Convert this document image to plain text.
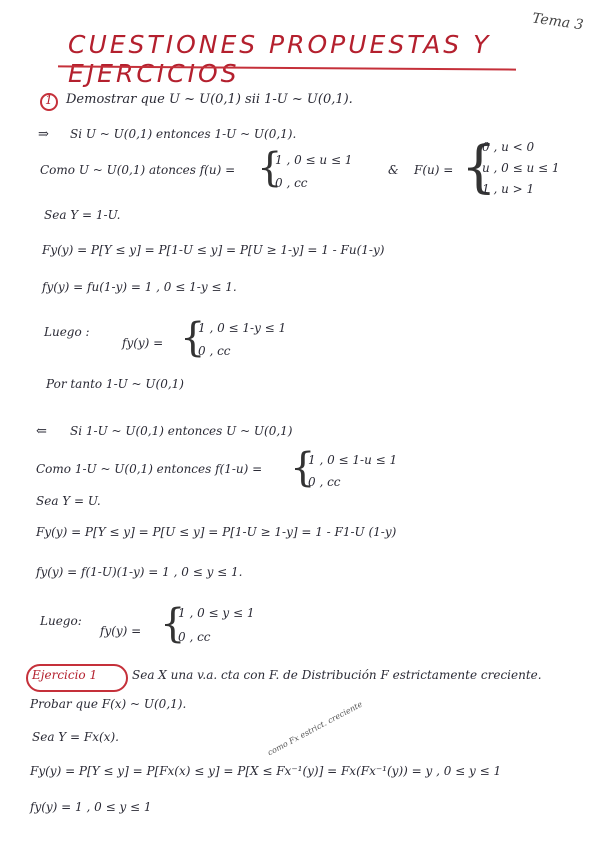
Tema 3
CUESTIONES PROPUESTAS Y EJERCICIOS
1 Demostrar que U ~ U(0,1) sii 1-U ~ U(0,1).
⇒ Si U ~ U(0,1) entonces 1-U ~ U(0,1).
Como U ~ U(0,1) atonces f(u) = {
1 , 0 ≤ u ≤ 1
0 , cc
& F(u) = {
0 , u < 0
u , 0 ≤ u ≤ 1
1 , u > 1
Sea Y = 1-U.
Fy(y) = P[Y ≤ y] = P[1-U ≤ y] = P[U ≥ 1-y] = 1 - Fu(1-y)
fy(y) = fu(1-y) = 1 , 0 ≤ 1-y ≤ 1.
Luego :
fy(y) = {
1 , 0 ≤ 1-y ≤ 1
0 , cc
Por tanto 1-U ~ U(0,1)
⇐ Si 1-U ~ U(0,1) entonces U ~ U(0,1)
Como 1-U ~ U(0,1) entonces f(1-u) = {
1 , 0 ≤ 1-u ≤ 1
0 , cc
Sea Y = U.
Fy(y) = P[Y ≤ y] = P[U ≤ y] = P[1-U ≥ 1-y] = 1 - F1-U (1-y)
fy(y) = f(1-U)(1-y) = 1 , 0 ≤ y ≤ 1.
Luego:
fy(y) = {
1 , 0 ≤ y ≤ 1
0 , cc
Ejercicio 1	Sea X una v.a. cta con F. de Distribución F estrictamente creciente.
Probar que F(x) ~ U(0,1).
Sea Y = Fx(x).	como Fx estrict. creciente
Fy(y) = P[Y ≤ y] = P[Fx(x) ≤ y] = P[X ≤ Fx⁻¹(y)] = Fx(Fx⁻¹(y)) = y , 0 ≤ y ≤ 1
fy(y) = 1 , 0 ≤ y ≤ 1
